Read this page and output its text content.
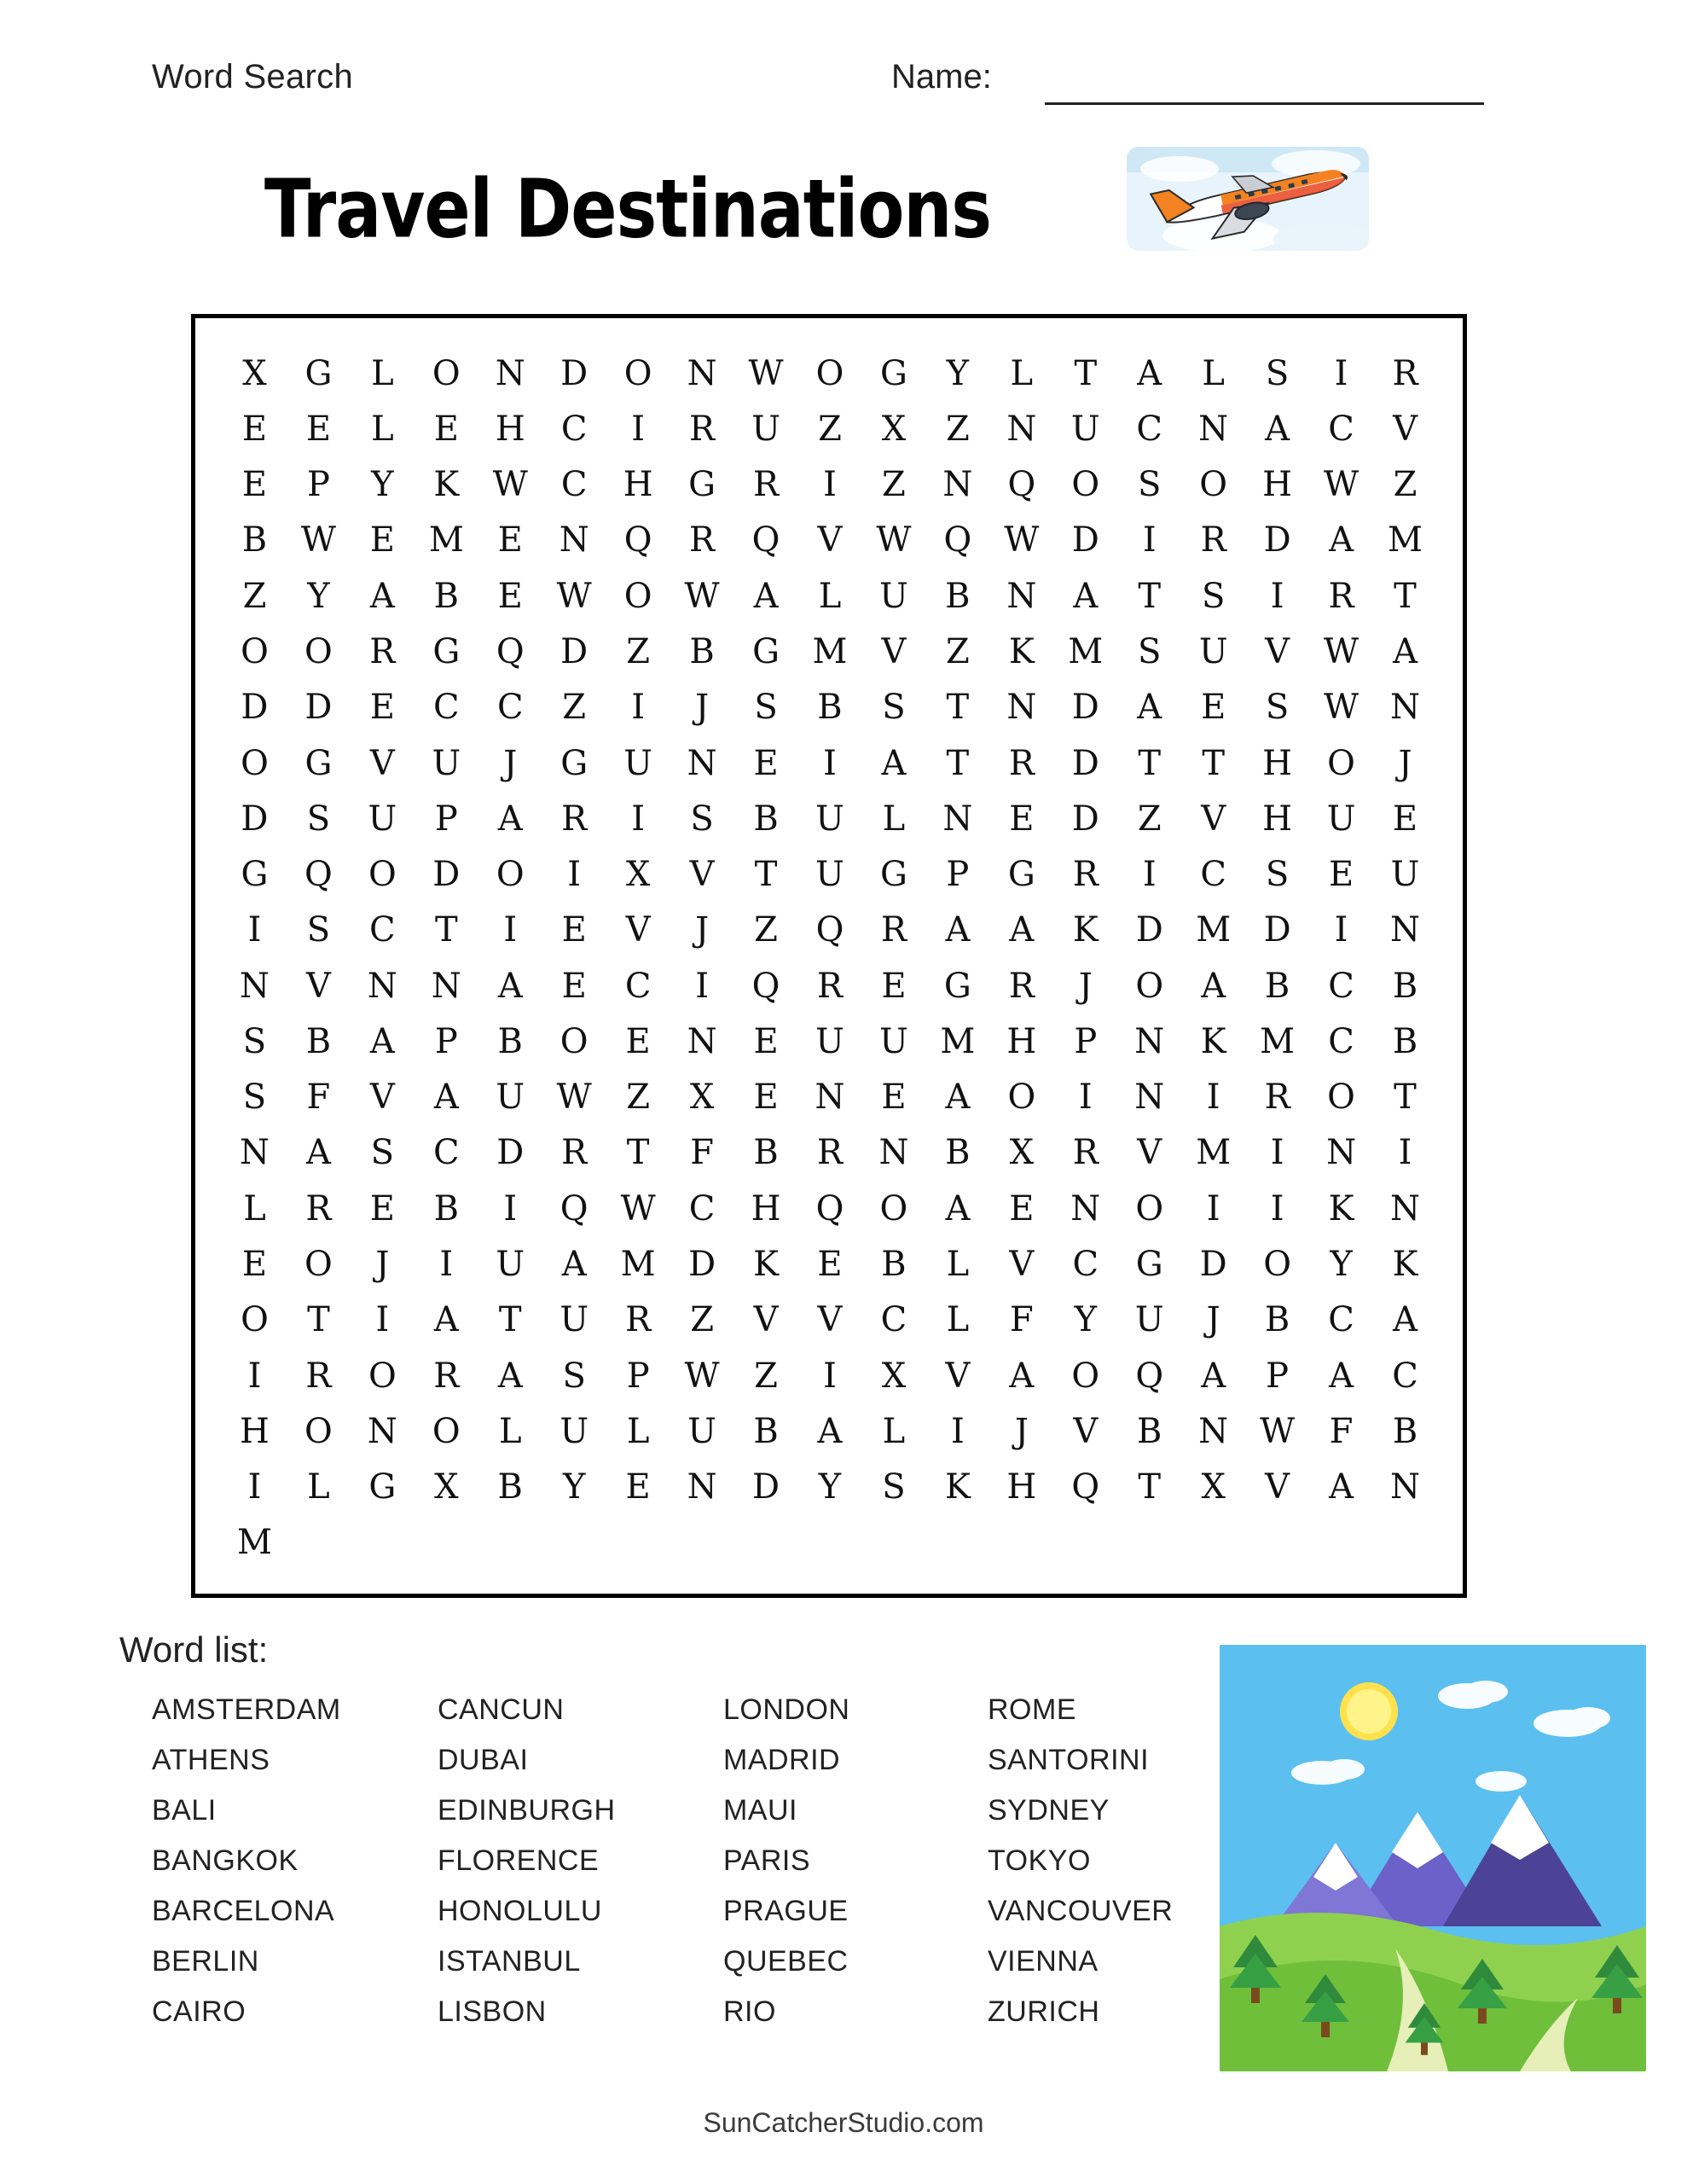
Word Search	Name:
Travel Destinations
X	G	L	O	N	D	O	N W O	G	Y	L	T	A	L	S	I	R
E	E	L	E	H	C	I	R	U	Z	X	Z	N	U	C	N	A	C	V
E	P	Y	K W C	H	G	R	I	Z	N	Q	O	S	O	H W	Z
B W E M E	N	Q	R	Q	V W Q W D	I	R	D	A	M
Z	Y	A	B	E W O W A	L	U	B	N	A	T	S	I	R	T
O	O	R	G	Q	D	Z	B	G M	V	Z	K M	S	U	V W A
D	D	E	C	C	Z	I	J	S	B	S	T	N	D	A	E	S	W N
O	G	V	U	J	G	U	N	E	I	A	T	R	D	T	T	H	O	J
D	S	U	P	A	R	I	S	B	U	L	N	E	D	Z	V	H	U	E
G	Q	O	D	O	I	X	V	T	U	G	P	G	R	I	C	S	E	U
I	S	C	T	I	E	V	J	Z	Q	R	A	A	K	D M D	I	N
N	V	N N	A	E	C	I	Q	R	E	G	R	J	O	A	B	C	B
S	B	A	P	B	O	E	N	E	U	U M H	P	N	K M C	B
S	F	V	A	U W	Z	X	E	N	E	A	O	I	N	I	R	O	T
N	A	S	C	D	R	T	F	B	R	N	B	X	R	V	M	I	N	I
L	R	E	B	I	Q W C	H	Q	O	A	E	N	O	I	I	K	N
E	O	J	I	U	A	M D	K	E	B	L	V	C	G	D	O	Y	K
O	T	I	A	T	U	R	Z	V	V	C	L	F	Y	U	J	B	C	A
I	R	O	R	A	S	P	W	Z	I	X	V	A	O	Q	A	P	A	C
H	O	N	O	L	U	L	U	B	A	L	I	J	V	B	N W	F	B
I	L	G	X	B	Y	E	N	D	Y	S	K	H	Q	T	X	V	A	N
M
Word list:
AMSTERDAM	CANCUN	LONDON	ROME
ATHENS	DUBAI	MADRID	SANTORINI
BALI	EDINBURGH	MAUI	SYDNEY
BANGKOK	FLORENCE	PARIS	TOKYO
BARCELONA	HONOLULU	PRAGUE	VANCOUVER
BERLIN	ISTANBUL	QUEBEC	VIENNA
CAIRO	LISBON	RIO	ZURICH
SunCatcherStudio.com
